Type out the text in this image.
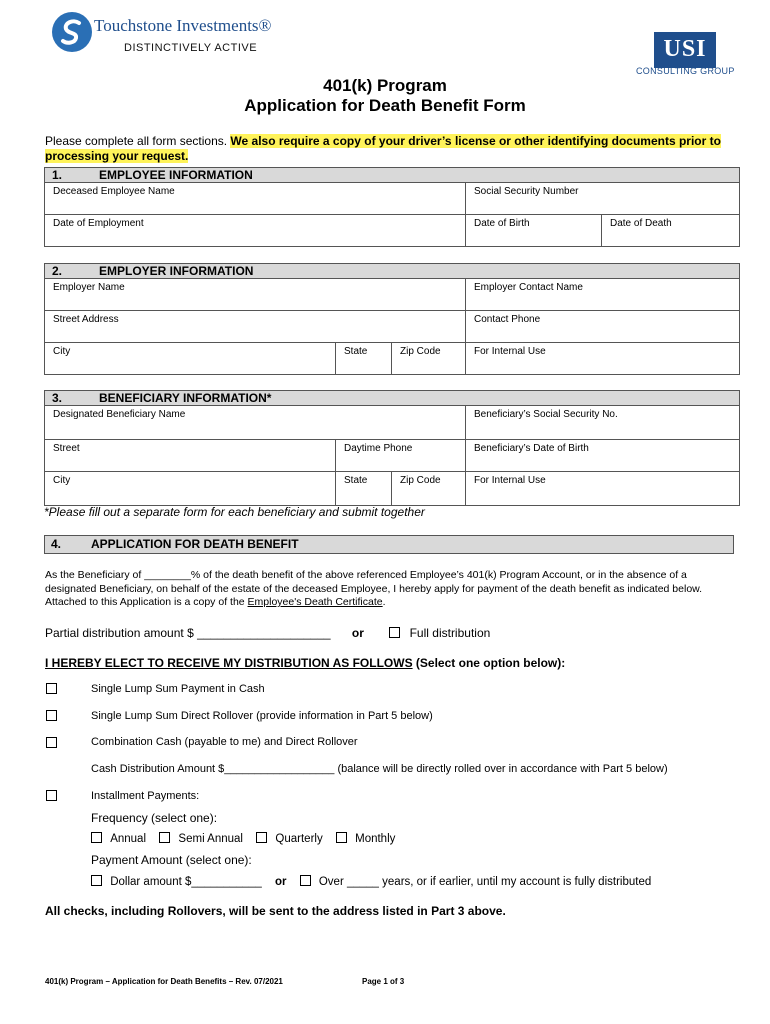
Touchstone Investments®
DISTINCTIVELY ACTIVE	USI
CONSULTING GROUP
401(k) Program
Application for Death Benefit Form
Please complete all form sections. We also require a copy of your driver’s license or other identifying documents prior to processing your request.
1.	EMPLOYEE INFORMATION
Deceased Employee Name	Social Security Number
Date of Employment	Date of Birth	Date of Death
2.	EMPLOYER INFORMATION
Employer Name	Employer Contact Name
Street Address	Contact Phone
City	State	Zip Code	For Internal Use
3.	BENEFICIARY INFORMATION*
Designated Beneficiary Name	Beneficiary’s Social Security No.
Street	Daytime Phone	Beneficiary’s Date of Birth
City	State	Zip Code	For Internal Use
*Please fill out a separate form for each beneficiary and submit together
4. APPLICATION FOR DEATH BENEFIT
As the Beneficiary of ________% of the death benefit of the above referenced Employee’s 401(k) Program Account, or in the absence of a designated Beneficiary, on behalf of the estate of the deceased Employee, I hereby apply for payment of the death benefit as indicated below. Attached to this Application is a copy of the Employee's Death Certificate.
Partial distribution amount $ ____________________ or	Full distribution
I HEREBY ELECT TO RECEIVE MY DISTRIBUTION AS FOLLOWS (Select one option below):
Single Lump Sum Payment in Cash
Single Lump Sum Direct Rollover (provide information in Part 5 below)
Combination Cash (payable to me) and Direct Rollover
Cash Distribution Amount $__________________ (balance will be directly rolled over in accordance with Part 5 below)
Installment Payments:
Frequency (select one):
Annual	Semi Annual	Quarterly	Monthly
Payment Amount (select one):
Dollar amount $___________ or	Over _____ years, or if earlier, until my account is fully distributed
All checks, including Rollovers, will be sent to the address listed in Part 3 above.
401(k) Program – Application for Death Benefits – Rev. 07/2021	Page 1 of 3
